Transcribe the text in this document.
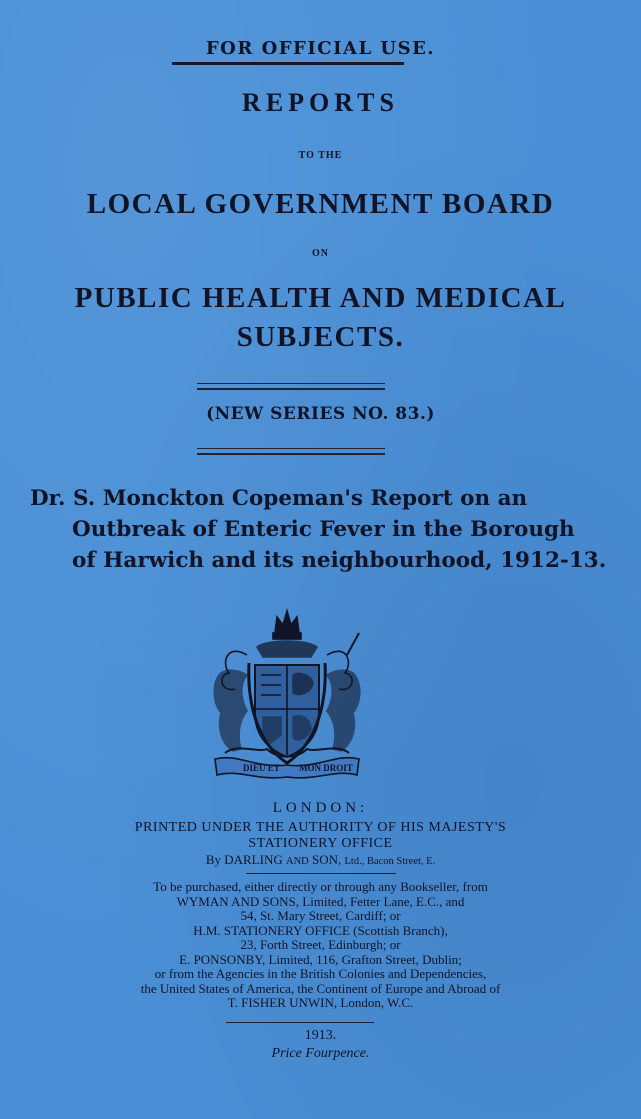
FOR OFFICIAL USE.
REPORTS
TO THE
LOCAL GOVERNMENT BOARD
ON
PUBLIC HEALTH AND MEDICAL
SUBJECTS.
(NEW SERIES NO. 83.)
Dr. S. Monckton Copeman's Report on an
Outbreak of Enteric Fever in the Borough
of Harwich and its neighbourhood, 1912-13.
DIEU ET MON DROIT
LONDON:
PRINTED UNDER THE AUTHORITY OF HIS MAJESTY'S
STATIONERY OFFICE
By DARLING AND SON, Ltd., Bacon Street, E.
To be purchased, either directly or through any Bookseller, from
WYMAN AND SONS, Limited, Fetter Lane, E.C., and
54, St. Mary Street, Cardiff; or
H.M. STATIONERY OFFICE (Scottish Branch),
23, Forth Street, Edinburgh; or
E. PONSONBY, Limited, 116, Grafton Street, Dublin;
or from the Agencies in the British Colonies and Dependencies,
the United States of America, the Continent of Europe and Abroad of
T. FISHER UNWIN, London, W.C.
1913.
Price Fourpence.
